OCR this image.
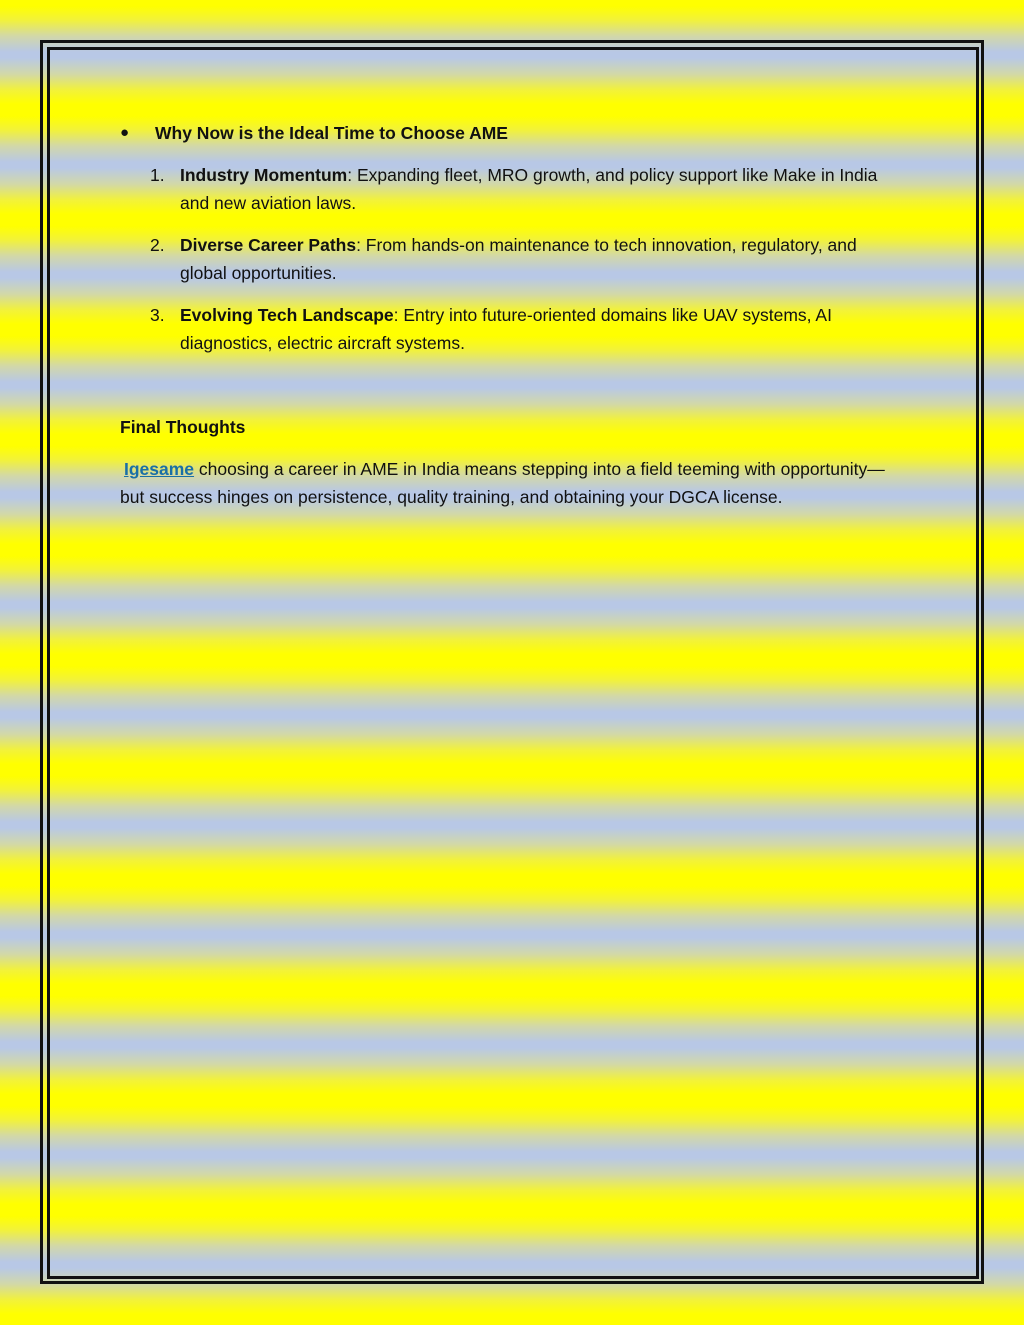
● Why Now is the Ideal Time to Choose AME

1. Industry Momentum: Expanding fleet, MRO growth, and policy support like Make in India and new aviation laws.
2. Diverse Career Paths: From hands-on maintenance to tech innovation, regulatory, and global opportunities.
3. Evolving Tech Landscape: Entry into future-oriented domains like UAV systems, AI diagnostics, electric aircraft systems.

Final Thoughts

Igesame choosing a career in AME in India means stepping into a field teeming with opportunity—but success hinges on persistence, quality training, and obtaining your DGCA license.
